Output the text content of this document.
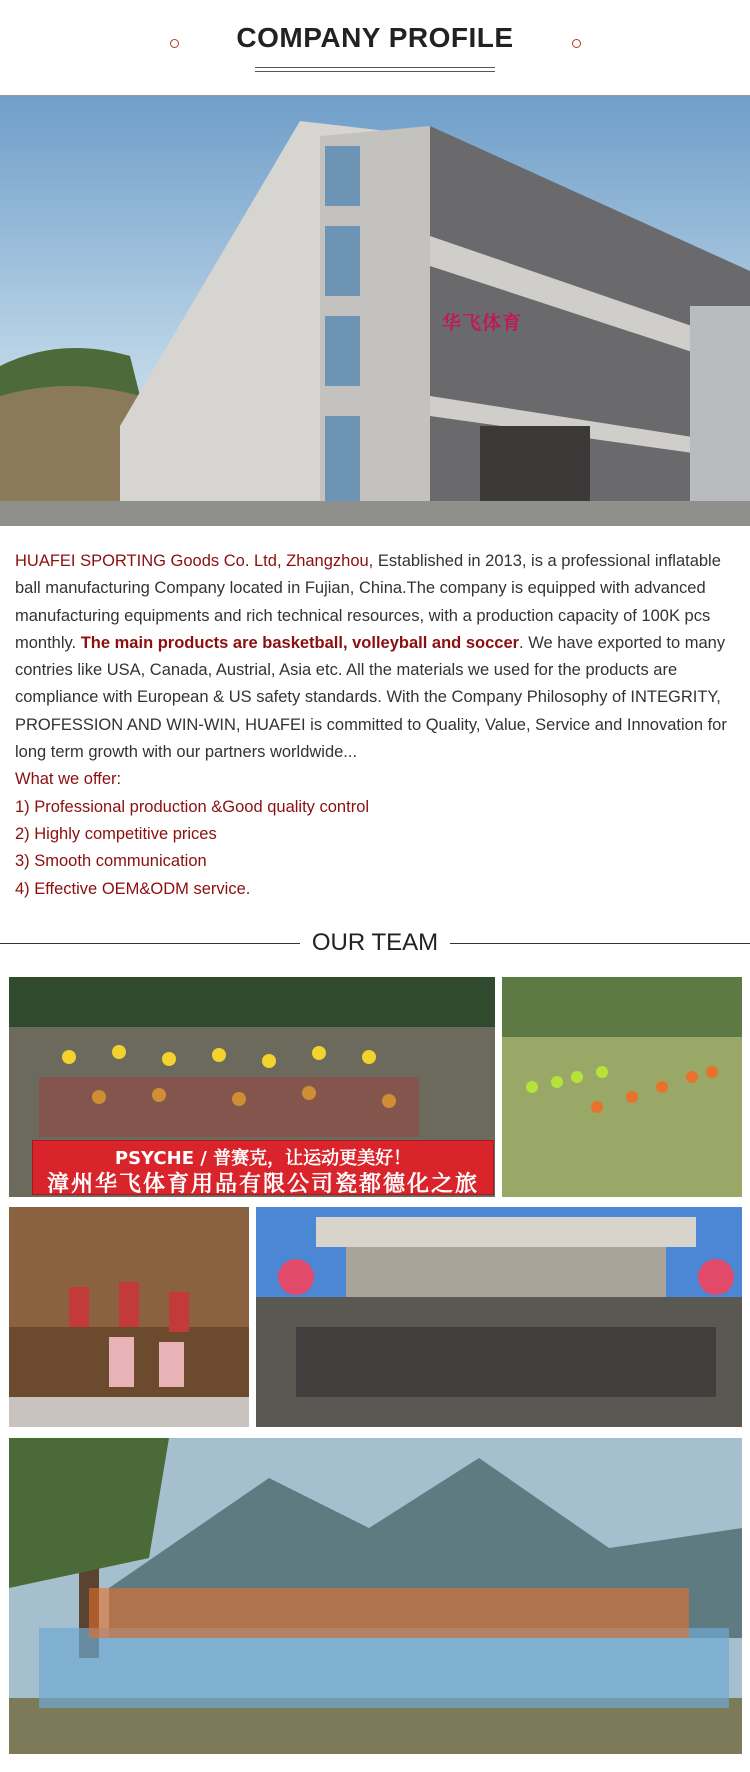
COMPANY PROFILE
华飞体育
HUAFEI SPORTING Goods Co. Ltd, Zhangzhou, Established in 2013, is a professional inflatable ball manufacturing Company located in Fujian, China.The company is equipped with advanced manufacturing equipments and rich technical resources, with a production capacity of 100K pcs monthly. The main products are basketball, volleyball and soccer. We have exported to many contries like USA, Canada, Austrial, Asia etc. All the materials we used for the products are compliance with European & US safety standards. With the Company Philosophy of INTEGRITY, PROFESSION AND WIN-WIN, HUAFEI is committed to Quality, Value, Service and Innovation for long term growth with our partners worldwide...
What we offer:
1) Professional production &Good quality control
2) Highly competitive prices
3) Smooth communication
4) Effective OEM&ODM service.
OUR TEAM
PSYCHE / 普赛克，让运动更美好！
漳州华飞体育用品有限公司瓷都德化之旅
